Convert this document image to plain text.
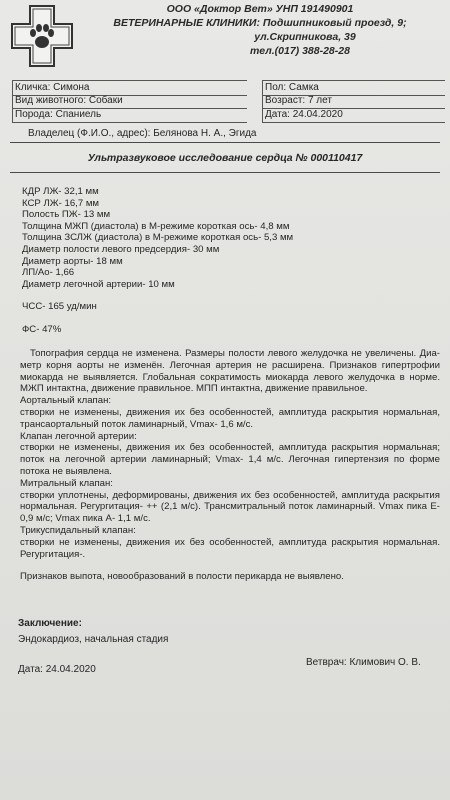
ООО «Доктор Вет» УНП 191490901
ВЕТЕРИНАРНЫЕ КЛИНИКИ: Подшипниковый проезд, 9;
ул.Скрипникова, 39
тел.(017) 388-28-28
Кличка: Симона
Вид животного: Собаки
Порода: Спаниель
Пол: Самка
Возраст: 7 лет
Дата: 24.04.2020
Владелец (Ф.И.О., адрес): Белянова Н. А., Эгида
Ультразвуковое исследование сердца № 000110417
КДР ЛЖ- 32,1 мм
КСР ЛЖ- 16,7 мм
Полость ПЖ- 13 мм
Толщина МЖП (диастола) в М-режиме короткая ось- 4,8 мм
Толщина ЗСЛЖ (диастола) в М-режиме короткая ось- 5,3 мм
Диаметр полости левого предсердия- 30 мм
Диаметр аорты- 18 мм
ЛП/Ао- 1,66
Диаметр легочной артерии- 10 мм
ЧСС- 165 уд/мин
ФС- 47%

Топография сердца не изменена. Размеры полости левого желудочка не увеличены. Диа-метр корня аорты не изменён. Легочная артерия не расширена. Признаков гипертрофии миокарда не выявляется. Глобальная сократимость миокарда левого желудочка в норме. МЖП интактна, движение правильное. МПП интактна, движение правильное.

Аортальный клапан:

створки не изменены, движения их без особенностей, амплитуда раскрытия нормальная, трансаортальный поток ламинарный, Vmax- 1,6 м/с.

Клапан легочной артерии:

створки не изменены, движения их без особенностей, амплитуда раскрытия нормальная; поток на легочной артерии ламинарный; Vmax- 1,4 м/с. Легочная гипертензия по форме потока не выявлена.

Митральный клапан:

створки уплотнены, деформированы, движения их без особенностей, амплитуда раскрытия нормальная. Регургитация- ++ (2,1 м/с). Трансмитральный поток ламинарный. Vmax пика Е- 0,9 м/с; Vmax пика А- 1,1 м/с.

Трикуспидальный клапан:

створки не изменены, движения их без особенностей, амплитуда раскрытия нормальная. Регургитация-.

Признаков выпота, новообразований в полости перикарда не выявлено.

Заключение:
Эндокардиоз, начальная стадия
Дата: 24.04.2020
Ветврач: Климович О. В.
